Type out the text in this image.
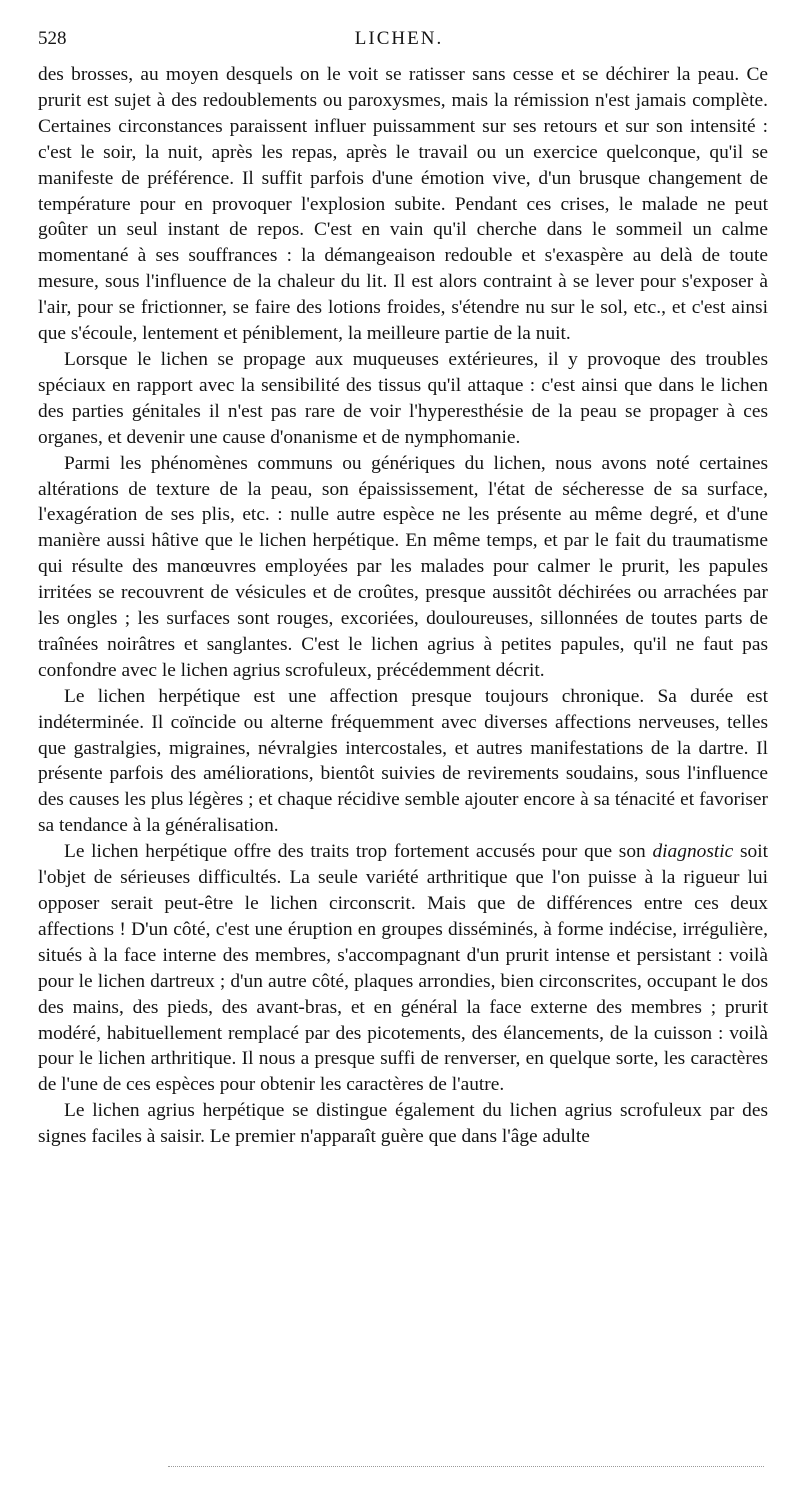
528	LICHEN.

des brosses, au moyen desquels on le voit se ratisser sans cesse et se déchirer la peau. Ce prurit est sujet à des redoublements ou paroxysmes, mais la rémission n'est jamais complète. Certaines circonstances paraissent influer puissamment sur ses retours et sur son intensité : c'est le soir, la nuit, après les repas, après le travail ou un exercice quelconque, qu'il se manifeste de préférence. Il suffit parfois d'une émotion vive, d'un brusque changement de température pour en provoquer l'explosion subite. Pendant ces crises, le malade ne peut goûter un seul instant de repos. C'est en vain qu'il cherche dans le sommeil un calme momentané à ses souffrances : la démangeaison redouble et s'exaspère au delà de toute mesure, sous l'influence de la chaleur du lit. Il est alors contraint à se lever pour s'exposer à l'air, pour se frictionner, se faire des lotions froides, s'étendre nu sur le sol, etc., et c'est ainsi que s'écoule, lentement et péniblement, la meilleure partie de la nuit.

Lorsque le lichen se propage aux muqueuses extérieures, il y provoque des troubles spéciaux en rapport avec la sensibilité des tissus qu'il attaque : c'est ainsi que dans le lichen des parties génitales il n'est pas rare de voir l'hyperesthésie de la peau se propager à ces organes, et devenir une cause d'onanisme et de nymphomanie.

Parmi les phénomènes communs ou génériques du lichen, nous avons noté certaines altérations de texture de la peau, son épaississement, l'état de sécheresse de sa surface, l'exagération de ses plis, etc. : nulle autre espèce ne les présente au même degré, et d'une manière aussi hâtive que le lichen herpétique. En même temps, et par le fait du traumatisme qui résulte des manœuvres employées par les malades pour calmer le prurit, les papules irritées se recouvrent de vésicules et de croûtes, presque aussitôt déchirées ou arrachées par les ongles ; les surfaces sont rouges, excoriées, douloureuses, sillonnées de toutes parts de traînées noirâtres et sanglantes. C'est le lichen agrius à petites papules, qu'il ne faut pas confondre avec le lichen agrius scrofuleux, précédemment décrit.

Le lichen herpétique est une affection presque toujours chronique. Sa durée est indéterminée. Il coïncide ou alterne fréquemment avec diverses affections nerveuses, telles que gastralgies, migraines, névralgies intercostales, et autres manifestations de la dartre. Il présente parfois des améliorations, bientôt suivies de revirements soudains, sous l'influence des causes les plus légères ; et chaque récidive semble ajouter encore à sa ténacité et favoriser sa tendance à la généralisation.

Le lichen herpétique offre des traits trop fortement accusés pour que son diagnostic soit l'objet de sérieuses difficultés. La seule variété arthritique que l'on puisse à la rigueur lui opposer serait peut-être le lichen circonscrit. Mais que de différences entre ces deux affections ! D'un côté, c'est une éruption en groupes disséminés, à forme indécise, irrégulière, situés à la face interne des membres, s'accompagnant d'un prurit intense et persistant : voilà pour le lichen dartreux ; d'un autre côté, plaques arrondies, bien circonscrites, occupant le dos des mains, des pieds, des avant-bras, et en général la face externe des membres ; prurit modéré, habituellement remplacé par des picotements, des élancements, de la cuisson : voilà pour le lichen arthritique. Il nous a presque suffi de renverser, en quelque sorte, les caractères de l'une de ces espèces pour obtenir les caractères de l'autre.

Le lichen agrius herpétique se distingue également du lichen agrius scrofuleux par des signes faciles à saisir. Le premier n'apparaît guère que dans l'âge adulte
